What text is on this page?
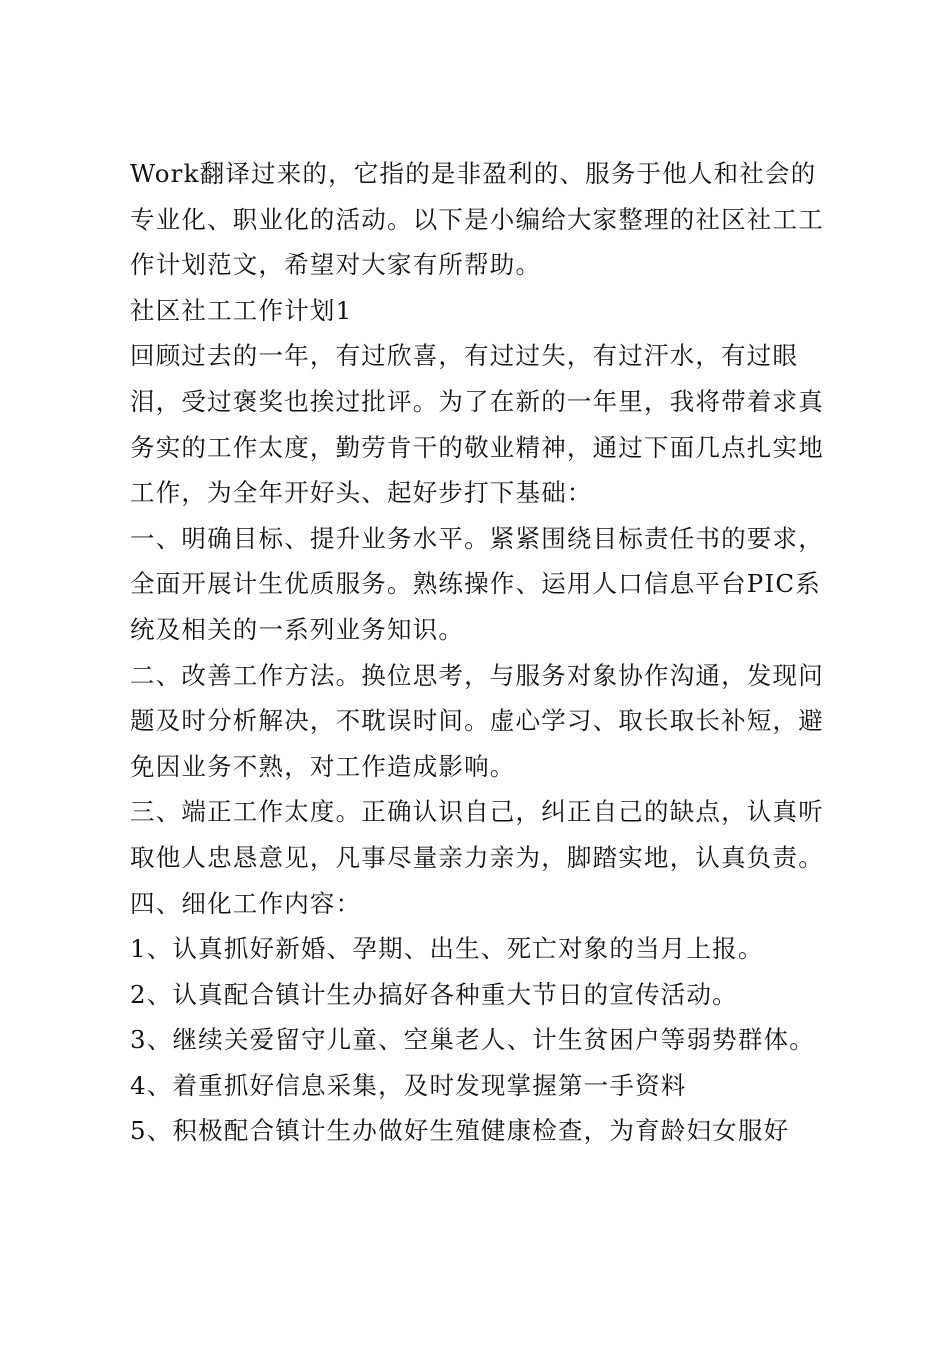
Work翻译过来的，它指的是非盈利的、服务于他人和社会的
专业化、职业化的活动。以下是小编给大家整理的社区社工工
作计划范文，希望对大家有所帮助。
社区社工工作计划1
回顾过去的一年，有过欣喜，有过过失，有过汗水，有过眼
泪，受过褒奖也挨过批评。为了在新的一年里，我将带着求真
务实的工作太度，勤劳肯干的敬业精神，通过下面几点扎实地
工作，为全年开好头、起好步打下基础：
一、明确目标、提升业务水平。紧紧围绕目标责任书的要求，
全面开展计生优质服务。熟练操作、运用人口信息平台PIC系
统及相关的一系列业务知识。
二、改善工作方法。换位思考，与服务对象协作沟通，发现问
题及时分析解决，不耽误时间。虚心学习、取长取长补短，避
免因业务不熟，对工作造成影响。
三、端正工作太度。正确认识自己，纠正自己的缺点，认真听
取他人忠恳意见，凡事尽量亲力亲为，脚踏实地，认真负责。
四、细化工作内容：
1、认真抓好新婚、孕期、出生、死亡对象的当月上报。
2、认真配合镇计生办搞好各种重大节日的宣传活动。
3、继续关爱留守儿童、空巢老人、计生贫困户等弱势群体。
4、着重抓好信息采集，及时发现掌握第一手资料
5、积极配合镇计生办做好生殖健康检查，为育龄妇女服好
